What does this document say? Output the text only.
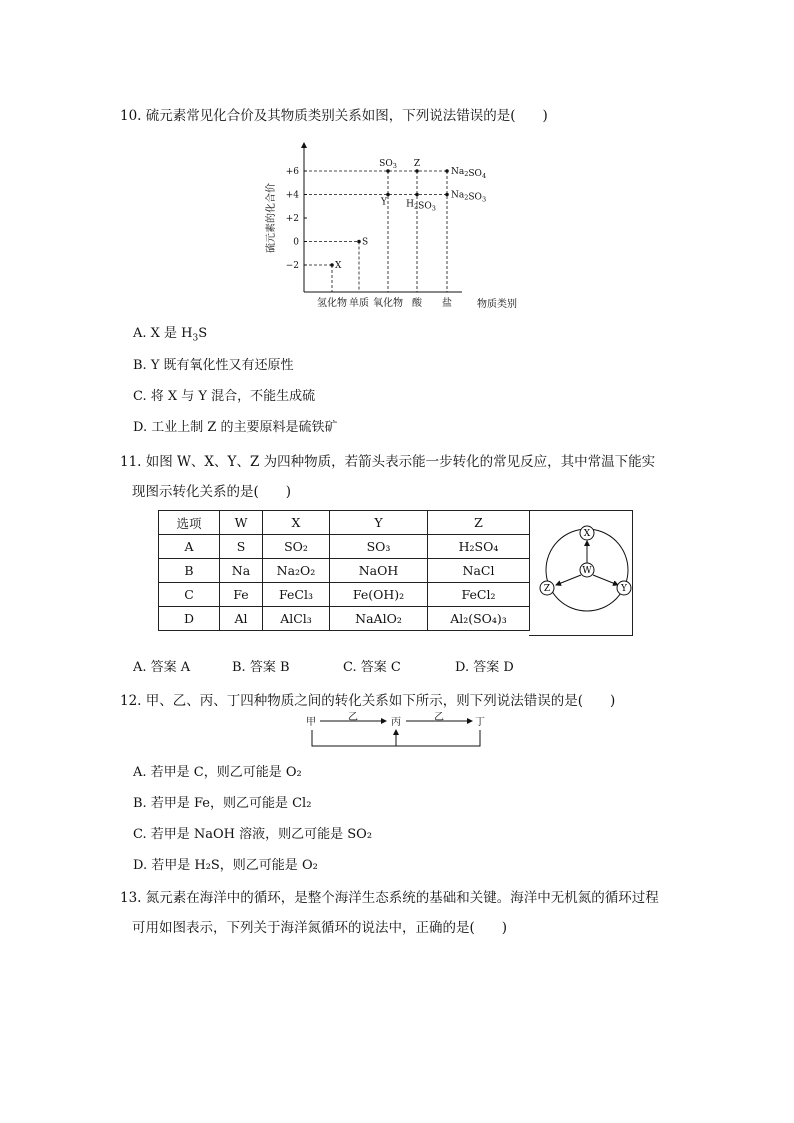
10. 硫元素常见化合价及其物质类别关系如图，下列说法错误的是(　　)
硫元素的化合价
+6
+4
+2
0
−2
氢化物 单质 氧化物 酸 盐	物质类别
X
S
Y
$SO_3$
$H_2SO_3$
Z
$Na_2SO_3$
$Na_2SO_4$
A. X 是 $H_3S$
B. Y 既有氧化性又有还原性
C. 将 X 与 Y 混合，不能生成硫
D. 工业上制 Z 的主要原料是硫铁矿
11. 如图 W、X、Y、Z 为四种物质，若箭头表示能一步转化的常见反应，其中常温下能实
现图示转化关系的是(　　)
选项	W	X	Y	Z
A	S	SO₂	SO₃	H₂SO₄
B	Na	Na₂O₂	NaOH	NaCl
C	Fe	FeCl₃	Fe(OH)₂	FeCl₂
D	Al	AlCl₃	NaAlO₂	Al₂(SO₄)₃
X
W
Y
Z
A. 答案 A	B. 答案 B	C. 答案 C	D. 答案 D
12. 甲、乙、丙、丁四种物质之间的转化关系如下所示，则下列说法错误的是(　　)
甲	乙	丙	乙	丁
A. 若甲是 C，则乙可能是 O₂
B. 若甲是 Fe，则乙可能是 Cl₂
C. 若甲是 NaOH 溶液，则乙可能是 SO₂
D. 若甲是 H₂S，则乙可能是 O₂
13. 氮元素在海洋中的循环，是整个海洋生态系统的基础和关键。海洋中无机氮的循环过程
可用如图表示，下列关于海洋氮循环的说法中，正确的是(　　)
